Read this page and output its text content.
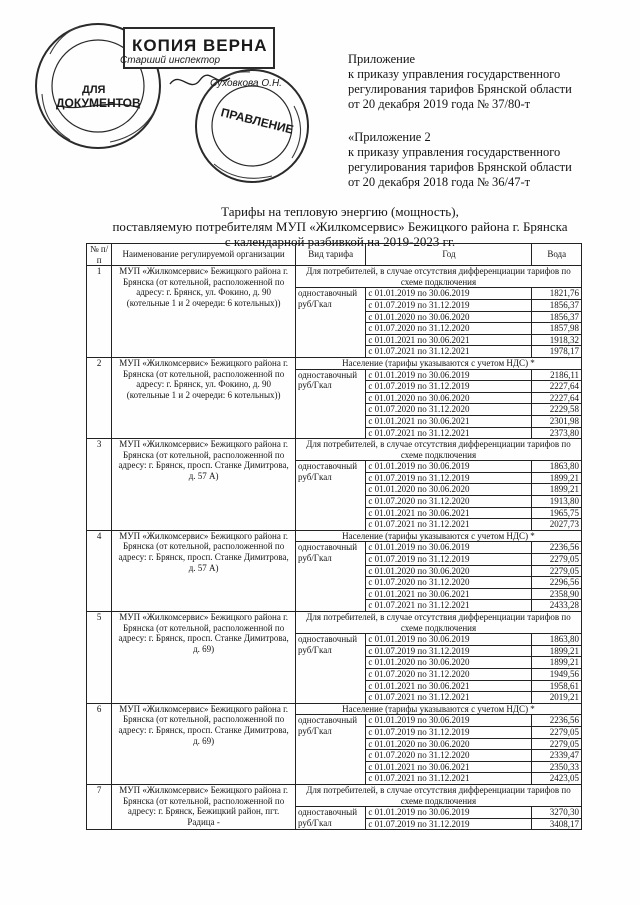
КОПИЯ ВЕРНА
Старший инспектор
ДЛЯ
ДОКУМЕНТОВ
Суховкова О.Н.
ПРАВЛЕНИЕ

Приложение

к приказу управления государственного

регулирования тарифов Брянской области

от 20 декабря 2019 года № 37/80-т

«Приложение 2

к приказу управления государственного

регулирования тарифов Брянской области

от 20 декабря 2018 года № 36/47-т

Тарифы на тепловую энергию (мощность),
поставляемую потребителям МУП «Жилкомсервис» Бежицкого района г. Брянска
с календарной разбивкой на 2019-2023 гг.
№ п/п	Наименование регулируемой организации	Вид тарифа	Год	Вода
1	МУП «Жилкомсервис» Бежицкого района г. Брянска (от котельной, расположенной по адресу: г. Брянск, ул. Фокино, д. 90 (котельные 1 и 2 очереди: 6 котельных))	Для потребителей, в случае отсутствия дифференциации тарифов по схеме подключения		
		одноставочный руб/Гкал	с 01.01.2019 по 30.06.2019	1821,76
			с 01.07.2019 по 31.12.2019	1856,37
			с 01.01.2020 по 30.06.2020	1856,37
			с 01.07.2020 по 31.12.2020	1857,98
			с 01.01.2021 по 30.06.2021	1918,32
			с 01.07.2021 по 31.12.2021	1978,17
2	МУП «Жилкомсервис» Бежицкого района г. Брянска (от котельной, расположенной по адресу: г. Брянск, ул. Фокино, д. 90 (котельные 1 и 2 очереди: 6 котельных))	Население (тарифы указываются с учетом НДС) *		
		одноставочный руб/Гкал	с 01.01.2019 по 30.06.2019	2186,11
			с 01.07.2019 по 31.12.2019	2227,64
			с 01.01.2020 по 30.06.2020	2227,64
			с 01.07.2020 по 31.12.2020	2229,58
			с 01.01.2021 по 30.06.2021	2301,98
			с 01.07.2021 по 31.12.2021	2373,80
3	МУП «Жилкомсервис» Бежицкого района г. Брянска (от котельной, расположенной по адресу: г. Брянск, просп. Станке Димитрова, д. 57 А)	Для потребителей, в случае отсутствия дифференциации тарифов по схеме подключения		
		одноставочный руб/Гкал	с 01.01.2019 по 30.06.2019	1863,80
			с 01.07.2019 по 31.12.2019	1899,21
			с 01.01.2020 по 30.06.2020	1899,21
			с 01.07.2020 по 31.12.2020	1913,80
			с 01.01.2021 по 30.06.2021	1965,75
			с 01.07.2021 по 31.12.2021	2027,73
4	МУП «Жилкомсервис» Бежицкого района г. Брянска (от котельной, расположенной по адресу: г. Брянск, просп. Станке Димитрова, д. 57 А)	Население (тарифы указываются с учетом НДС) *		
		одноставочный руб/Гкал	с 01.01.2019 по 30.06.2019	2236,56
			с 01.07.2019 по 31.12.2019	2279,05
			с 01.01.2020 по 30.06.2020	2279,05
			с 01.07.2020 по 31.12.2020	2296,56
			с 01.01.2021 по 30.06.2021	2358,90
			с 01.07.2021 по 31.12.2021	2433,28
5	МУП «Жилкомсервис» Бежицкого района г. Брянска (от котельной, расположенной по адресу: г. Брянск, просп. Станке Димитрова, д. 69)	Для потребителей, в случае отсутствия дифференциации тарифов по схеме подключения		
		одноставочный руб/Гкал	с 01.01.2019 по 30.06.2019	1863,80
			с 01.07.2019 по 31.12.2019	1899,21
			с 01.01.2020 по 30.06.2020	1899,21
			с 01.07.2020 по 31.12.2020	1949,56
			с 01.01.2021 по 30.06.2021	1958,61
			с 01.07.2021 по 31.12.2021	2019,21
6	МУП «Жилкомсервис» Бежицкого района г. Брянска (от котельной, расположенной по адресу: г. Брянск, просп. Станке Димитрова, д. 69)	Население (тарифы указываются с учетом НДС) *		
		одноставочный руб/Гкал	с 01.01.2019 по 30.06.2019	2236,56
			с 01.07.2019 по 31.12.2019	2279,05
			с 01.01.2020 по 30.06.2020	2279,05
			с 01.07.2020 по 31.12.2020	2339,47
			с 01.01.2021 по 30.06.2021	2350,33
			с 01.07.2021 по 31.12.2021	2423,05
7	МУП «Жилкомсервис» Бежицкого района г. Брянска (от котельной, расположенной по адресу: г. Брянск, Бежицкий район, пгт. Радица -	Для потребителей, в случае отсутствия дифференциации тарифов по схеме подключения		
		одноставочный руб/Гкал	с 01.01.2019 по 30.06.2019	3270,30
			с 01.07.2019 по 31.12.2019	3408,17
